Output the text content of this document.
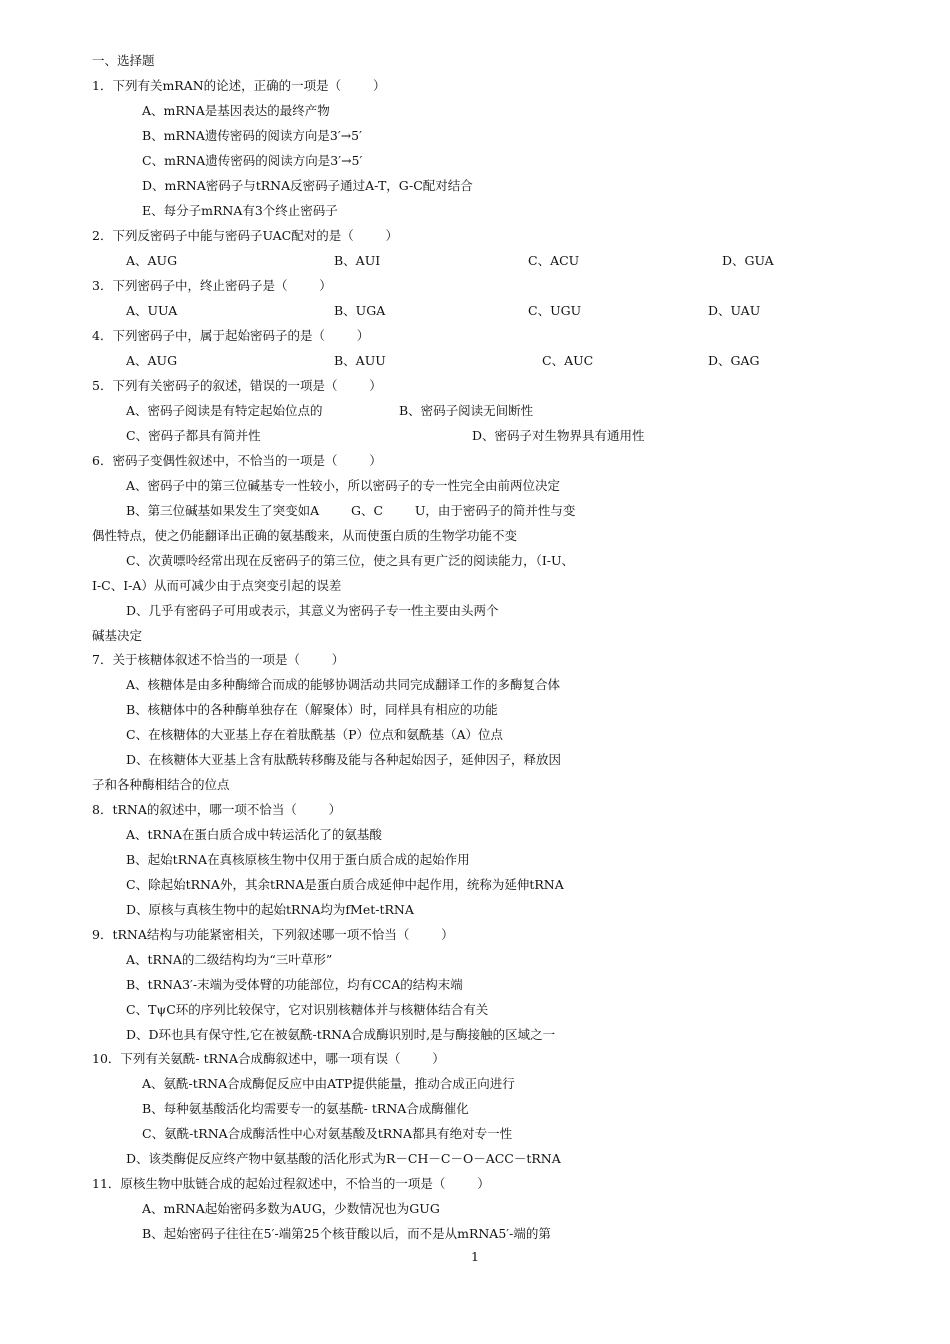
一、选择题
1．下列有关mRAN的论述，正确的一项是（        ）
A、mRNA是基因表达的最终产物
B、mRNA遗传密码的阅读方向是3′→5′
C、mRNA遗传密码的阅读方向是3′→5′
D、mRNA密码子与tRNA反密码子通过A-T，G-C配对结合
E、每分子mRNA有3个终止密码子
2．下列反密码子中能与密码子UAC配对的是（        ）
A、AUG	B、AUI	C、ACU	D、GUA
3．下列密码子中，终止密码子是（        ）
A、UUA	B、UGA	C、UGU	D、UAU
4．下列密码子中，属于起始密码子的是（        ）
A、AUG	B、AUU	C、AUC	D、GAG
5．下列有关密码子的叙述，错误的一项是（        ）
A、密码子阅读是有特定起始位点的	B、密码子阅读无间断性
C、密码子都具有简并性	D、密码子对生物界具有通用性
6．密码子变偶性叙述中，不恰当的一项是（        ）
A、密码子中的第三位碱基专一性较小，所以密码子的专一性完全由前两位决定
B、第三位碱基如果发生了突变如A        G、C        U，由于密码子的简并性与变
偶性特点，使之仍能翻译出正确的氨基酸来，从而使蛋白质的生物学功能不变
C、次黄嘌呤经常出现在反密码子的第三位，使之具有更广泛的阅读能力，（I-U、
I-C、I-A）从而可减少由于点突变引起的误差
D、几乎有密码子可用或表示，其意义为密码子专一性主要由头两个
碱基决定
7．关于核糖体叙述不恰当的一项是（        ）
A、核糖体是由多种酶缔合而成的能够协调活动共同完成翻译工作的多酶复合体
B、核糖体中的各种酶单独存在（解聚体）时，同样具有相应的功能
C、在核糖体的大亚基上存在着肽酰基（P）位点和氨酰基（A）位点
D、在核糖体大亚基上含有肽酰转移酶及能与各种起始因子，延伸因子，释放因
子和各种酶相结合的位点
8．tRNA的叙述中，哪一项不恰当（        ）
A、tRNA在蛋白质合成中转运活化了的氨基酸
B、起始tRNA在真核原核生物中仅用于蛋白质合成的起始作用
C、除起始tRNA外，其余tRNA是蛋白质合成延伸中起作用，统称为延伸tRNA
D、原核与真核生物中的起始tRNA均为fMet-tRNA
9．tRNA结构与功能紧密相关，下列叙述哪一项不恰当（        ）
A、tRNA的二级结构均为“三叶草形”
B、tRNA3′-末端为受体臂的功能部位，均有CCA的结构末端
C、TψC环的序列比较保守，它对识别核糖体并与核糖体结合有关
D、D环也具有保守性,它在被氨酰-tRNA合成酶识别时,是与酶接触的区域之一
10．下列有关氨酰- tRNA合成酶叙述中，哪一项有误（        ）
A、氨酰-tRNA合成酶促反应中由ATP提供能量，推动合成正向进行
B、每种氨基酸活化均需要专一的氨基酰- tRNA合成酶催化
C、氨酰-tRNA合成酶活性中心对氨基酸及tRNA都具有绝对专一性
D、该类酶促反应终产物中氨基酸的活化形式为R－CH－C－O－ACC－tRNA
11．原核生物中肽链合成的起始过程叙述中，不恰当的一项是（        ）
A、mRNA起始密码多数为AUG，少数情况也为GUG
B、起始密码子往往在5′-端第25个核苷酸以后，而不是从mRNA5′-端的第
1
